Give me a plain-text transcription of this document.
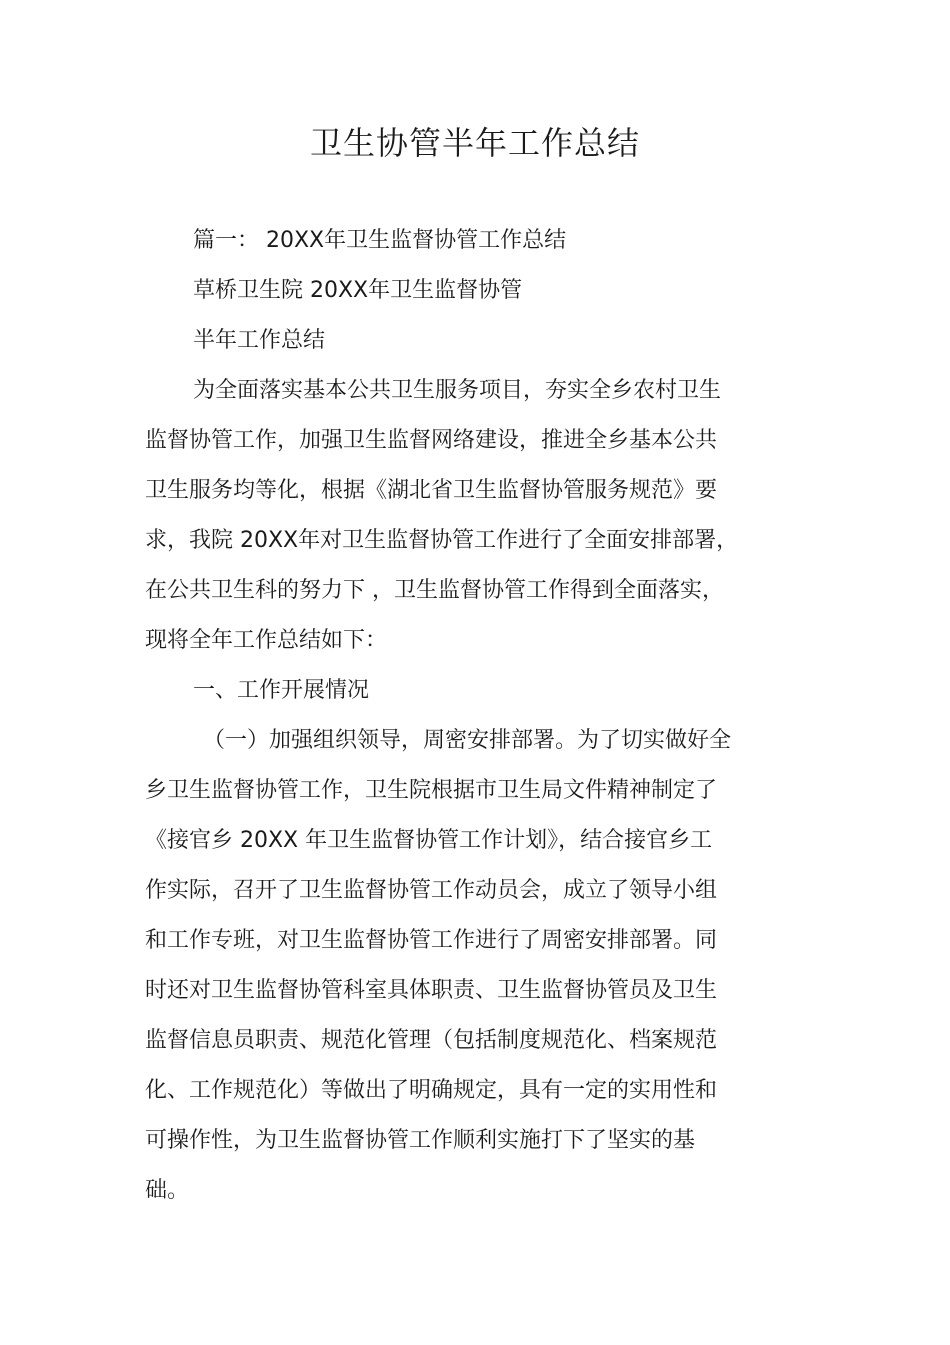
卫生协管半年工作总结

篇一： 20XX年卫生监督协管工作总结

草桥卫生院 20XX年卫生监督协管

半年工作总结

为全面落实基本公共卫生服务项目，夯实全乡农村卫生

监督协管工作，加强卫生监督网络建设，推进全乡基本公共

卫生服务均等化，根据《湖北省卫生监督协管服务规范》要

求，我院 20XX年对卫生监督协管工作进行了全面安排部署，

在公共卫生科的努力下 ，卫生监督协管工作得到全面落实，

现将全年工作总结如下：

一、工作开展情况

（一）加强组织领导，周密安排部署。为了切实做好全

乡卫生监督协管工作，卫生院根据市卫生局文件精神制定了

《接官乡 20XX 年卫生监督协管工作计划》，结合接官乡工

作实际，召开了卫生监督协管工作动员会，成立了领导小组

和工作专班，对卫生监督协管工作进行了周密安排部署。同

时还对卫生监督协管科室具体职责、卫生监督协管员及卫生

监督信息员职责、规范化管理（包括制度规范化、档案规范

化、工作规范化）等做出了明确规定，具有一定的实用性和

可操作性，为卫生监督协管工作顺利实施打下了坚实的基

础。
